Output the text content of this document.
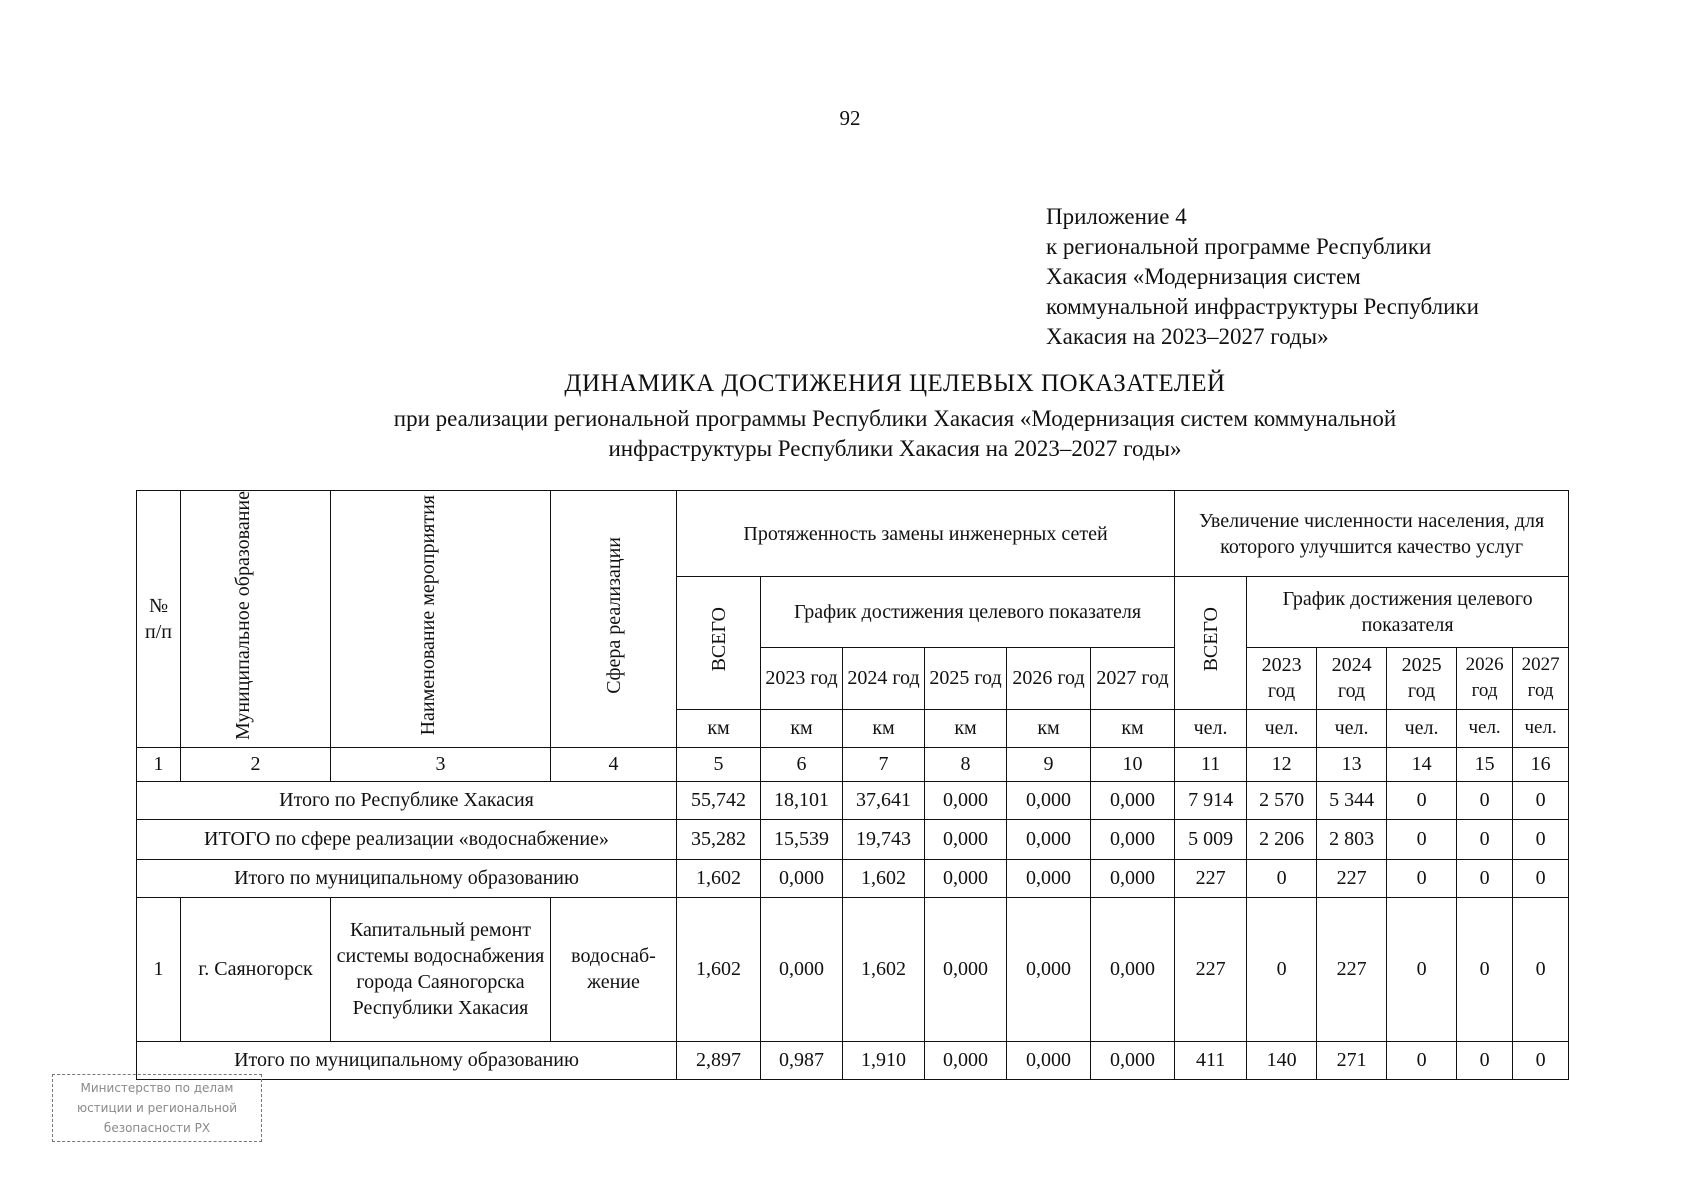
92
Приложение 4
к региональной программе Республики
Хакасия «Модернизация систем
коммунальной инфраструктуры Республики
Хакасия на 2023–2027 годы»
ДИНАМИКА ДОСТИЖЕНИЯ ЦЕЛЕВЫХ ПОКАЗАТЕЛЕЙ
при реализации региональной программы Республики Хакасия «Модернизация систем коммунальной
инфраструктуры Республики Хакасия на 2023–2027 годы»
№ п/п	Муниципальное образование	Наименование мероприятия	Сфера реализации	Протяженность замены инженерных сетей						Увеличение численности населения, для которого улучшится качество услуг					
				ВСЕГО	График достижения целевого показателя					ВСЕГО	График достижения целевого показателя				
					2023 год	2024 год	2025 год	2026 год	2027 год		2023 год	2024 год	2025 год	2026 год	2027 год
				км	км	км	км	км	км	чел.	чел.	чел.	чел.	чел.	чел.
1	2	3	4	5	6	7	8	9	10	11	12	13	14	15	16
Итого по Республике Хакасия				55,742	18,101	37,641	0,000	0,000	0,000	7 914	2 570	5 344	0	0	0
ИТОГО по сфере реализации «водоснабжение»				35,282	15,539	19,743	0,000	0,000	0,000	5 009	2 206	2 803	0	0	0
Итого по муниципальному образованию				1,602	0,000	1,602	0,000	0,000	0,000	227	0	227	0	0	0
1	г. Саяногорск	Капитальный ремонт системы водоснабжения города Саяногорска Республики Хакасия	водоснаб-жение	1,602	0,000	1,602	0,000	0,000	0,000	227	0	227	0	0	0
Итого по муниципальному образованию				2,897	0,987	1,910	0,000	0,000	0,000	411	140	271	0	0	0
Министерство по делам
юстиции и региональной
безопасности РХ
